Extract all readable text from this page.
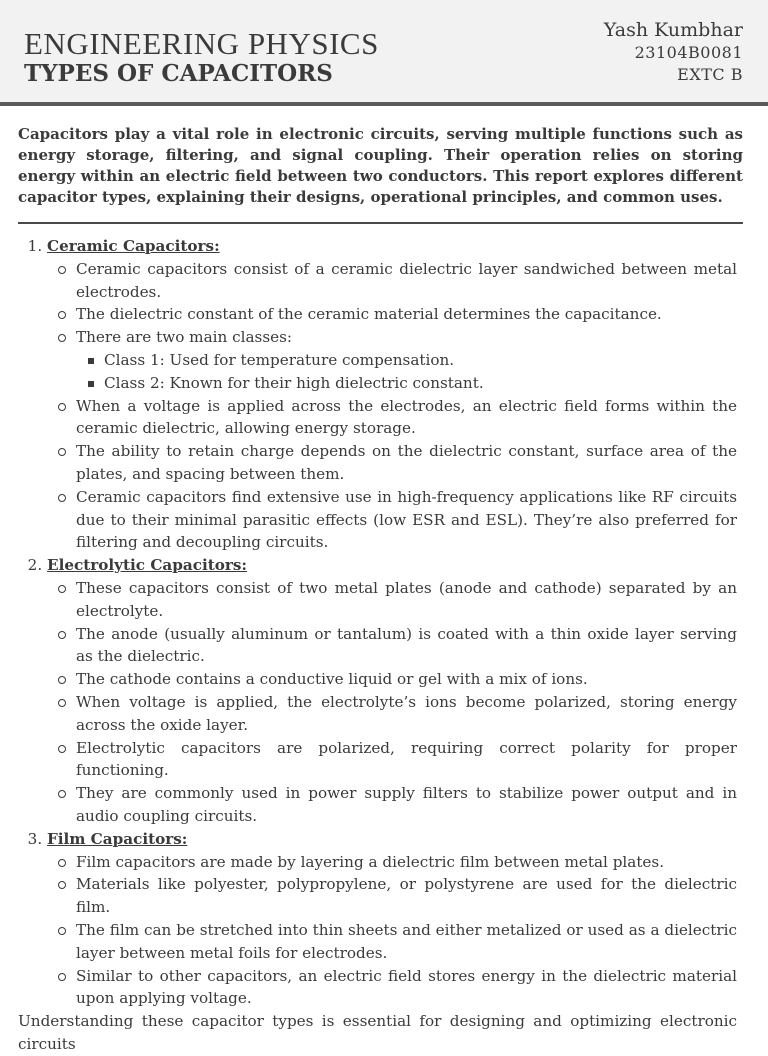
ENGINEERING PHYSICS
TYPES OF CAPACITORS
Yash Kumbhar
23104B0081
EXTC B
Capacitors play a vital role in electronic circuits, serving multiple functions such as energy storage, filtering, and signal coupling. Their operation relies on storing energy within an electric field between two conductors. This report explores different capacitor types, explaining their designs, operational principles, and common uses.
1. Ceramic Capacitors:
Ceramic capacitors consist of a ceramic dielectric layer sandwiched between metal electrodes.
The dielectric constant of the ceramic material determines the capacitance.
There are two main classes:
Class 1: Used for temperature compensation.
Class 2: Known for their high dielectric constant.
When a voltage is applied across the electrodes, an electric field forms within the ceramic dielectric, allowing energy storage.
The ability to retain charge depends on the dielectric constant, surface area of the plates, and spacing between them.
Ceramic capacitors find extensive use in high-frequency applications like RF circuits due to their minimal parasitic effects (low ESR and ESL). They’re also preferred for filtering and decoupling circuits.
2. Electrolytic Capacitors:
These capacitors consist of two metal plates (anode and cathode) separated by an electrolyte.
The anode (usually aluminum or tantalum) is coated with a thin oxide layer serving as the dielectric.
The cathode contains a conductive liquid or gel with a mix of ions.
When voltage is applied, the electrolyte’s ions become polarized, storing energy across the oxide layer.
Electrolytic capacitors are polarized, requiring correct polarity for proper functioning.
They are commonly used in power supply filters to stabilize power output and in audio coupling circuits.
3. Film Capacitors:
Film capacitors are made by layering a dielectric film between metal plates.
Materials like polyester, polypropylene, or polystyrene are used for the dielectric film.
The film can be stretched into thin sheets and either metalized or used as a dielectric layer between metal foils for electrodes.
Similar to other capacitors, an electric field stores energy in the dielectric material upon applying voltage.

Understanding these capacitor types is essential for designing and optimizing electronic circuits
